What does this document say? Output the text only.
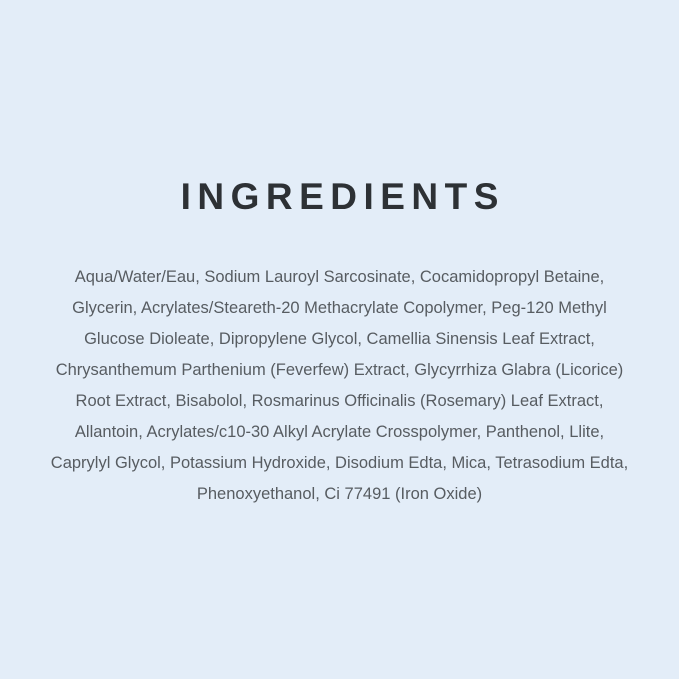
INGREDIENTS
Aqua/Water/Eau, Sodium Lauroyl Sarcosinate, Cocamidopropyl Betaine,
Glycerin, Acrylates/Steareth-20 Methacrylate Copolymer, Peg-120 Methyl
Glucose Dioleate, Dipropylene Glycol, Camellia Sinensis Leaf Extract,
Chrysanthemum Parthenium (Feverfew) Extract, Glycyrrhiza Glabra (Licorice)
Root Extract, Bisabolol, Rosmarinus Officinalis (Rosemary) Leaf Extract,
Allantoin, Acrylates/c10-30 Alkyl Acrylate Crosspolymer, Panthenol, Llite,
Caprylyl Glycol, Potassium Hydroxide, Disodium Edta, Mica, Tetrasodium Edta,
Phenoxyethanol, Ci 77491 (Iron Oxide)
